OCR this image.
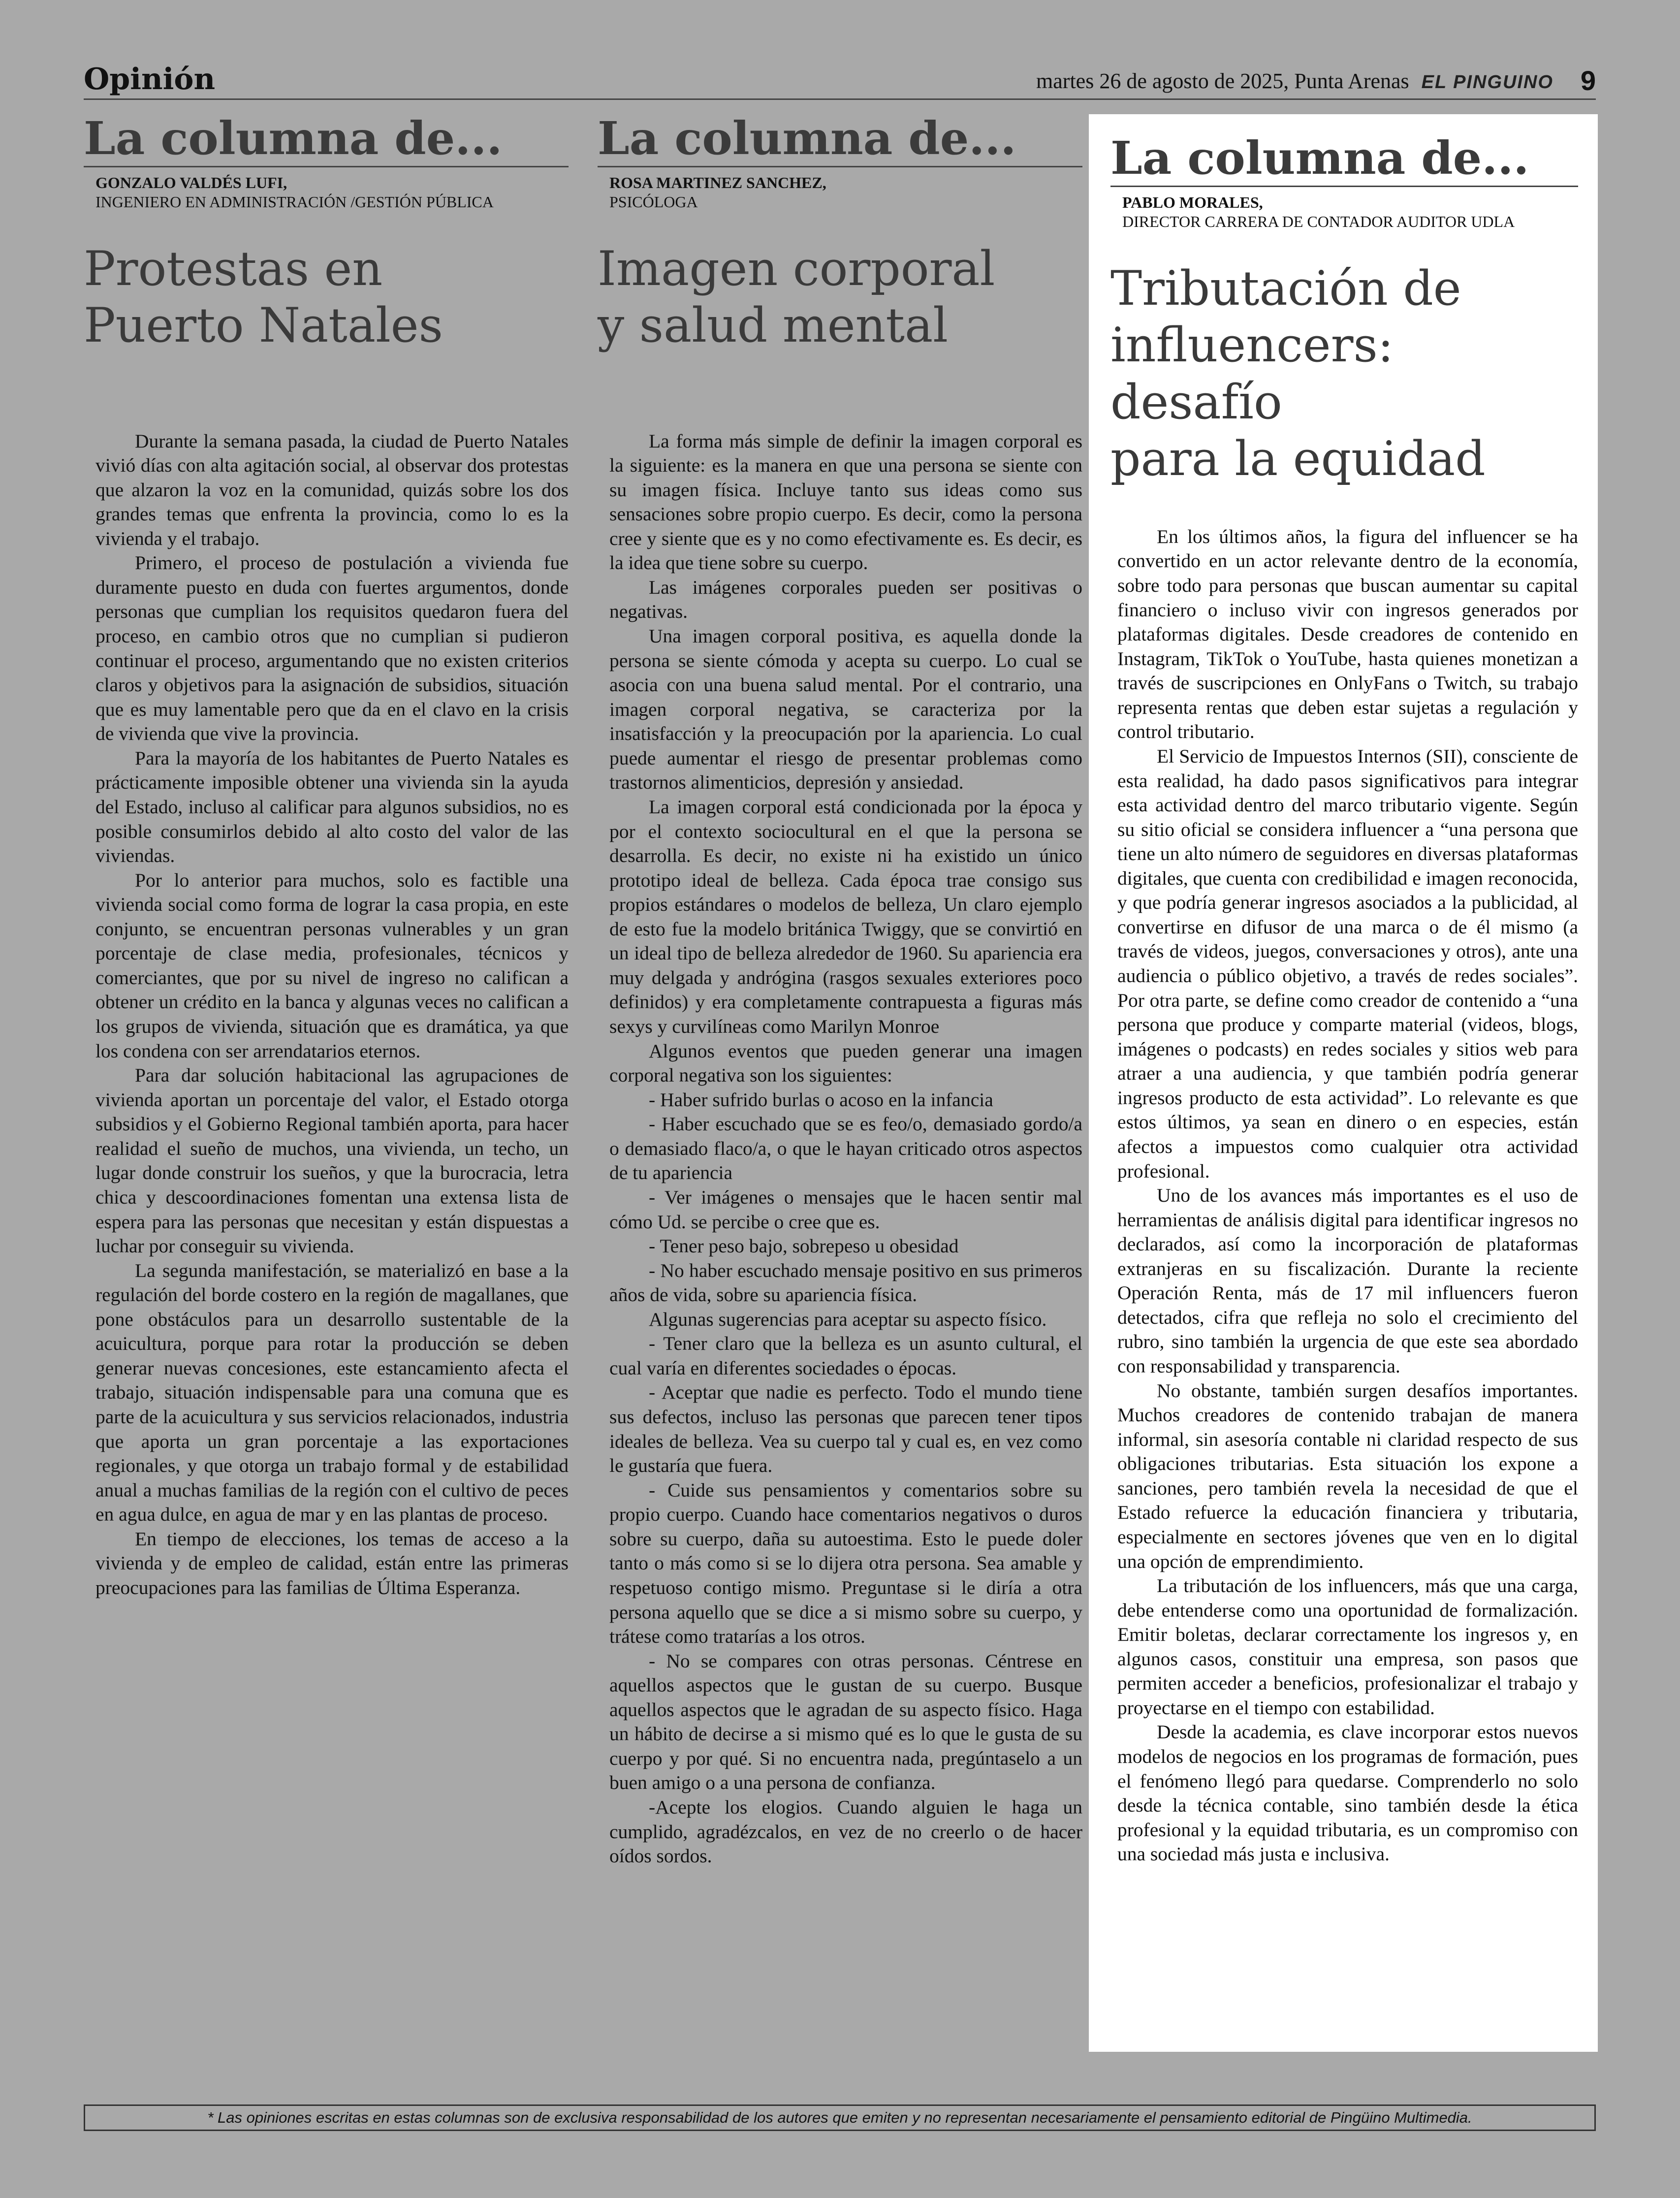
Opinión	martes 26 de agosto de 2025, Punta Arenas EL PINGUINO 9
La columna de...
GONZALO VALDÉS LUFI,
INGENIERO EN ADMINISTRACIÓN /GESTIÓN PÚBLICA
Protestas en
Puerto Natales

Durante la semana pasada, la ciudad de Puerto Natales vivió días con alta agitación social, al observar dos protestas que alzaron la voz en la comunidad, quizás sobre los dos grandes temas que enfrenta la provincia, como lo es la vivienda y el trabajo.

Primero, el proceso de postulación a vivienda fue duramente puesto en duda con fuertes argumentos, donde personas que cumplian los requisitos quedaron fuera del proceso, en cambio otros que no cumplian si pudieron continuar el proceso, argumentando que no existen criterios claros y objetivos para la asignación de subsidios, situación que es muy lamentable pero que da en el clavo en la crisis de vivienda que vive la provincia.

Para la mayoría de los habitantes de Puerto Natales es prácticamente imposible obtener una vivienda sin la ayuda del Estado, incluso al calificar para algunos subsidios, no es posible consumirlos debido al alto costo del valor de las viviendas.

Por lo anterior para muchos, solo es factible una vivienda social como forma de lograr la casa propia, en este conjunto, se encuentran personas vulnerables y un gran porcentaje de clase media, profesionales, técnicos y comerciantes, que por su nivel de ingreso no califican a obtener un crédito en la banca y algunas veces no califican a los grupos de vivienda, situación que es dramática, ya que los condena con ser arrendatarios eternos.

Para dar solución habitacional las agrupaciones de vivienda aportan un porcentaje del valor, el Estado otorga subsidios y el Gobierno Regional también aporta, para hacer realidad el sueño de muchos, una vivienda, un techo, un lugar donde construir los sueños, y que la burocracia, letra chica y descoordinaciones fomentan una extensa lista de espera para las personas que necesitan y están dispuestas a luchar por conseguir su vivienda.

La segunda manifestación, se materializó en base a la regulación del borde costero en la región de magallanes, que pone obstáculos para un desarrollo sustentable de la acuicultura, porque para rotar la producción se deben generar nuevas concesiones, este estancamiento afecta el trabajo, situación indispensable para una comuna que es parte de la acuicultura y sus servicios relacionados, industria que aporta un gran porcentaje a las exportaciones regionales, y que otorga un trabajo formal y de estabilidad anual a muchas familias de la región con el cultivo de peces en agua dulce, en agua de mar y en las plantas de proceso.

En tiempo de elecciones, los temas de acceso a la vivienda y de empleo de calidad, están entre las primeras preocupaciones para las familias de Última Esperanza.

La columna de...
ROSA MARTINEZ SANCHEZ,
PSICÓLOGA
Imagen corporal
y salud mental

La forma más simple de definir la imagen corporal es la siguiente: es la manera en que una persona se siente con su imagen física. Incluye tanto sus ideas como sus sensaciones sobre propio cuerpo. Es decir, como la persona cree y siente que es y no como efectivamente es. Es decir, es la idea que tiene sobre su cuerpo.

Las imágenes corporales pueden ser positivas o negativas.

Una imagen corporal positiva, es aquella donde la persona se siente cómoda y acepta su cuerpo. Lo cual se asocia con una buena salud mental. Por el contrario, una imagen corporal negativa, se caracteriza por la insatisfacción y la preocupación por la apariencia. Lo cual puede aumentar el riesgo de presentar problemas como trastornos alimenticios, depresión y ansiedad.

La imagen corporal está condicionada por la época y por el contexto sociocultural en el que la persona se desarrolla. Es decir, no existe ni ha existido un único prototipo ideal de belleza. Cada época trae consigo sus propios estándares o modelos de belleza, Un claro ejemplo de esto fue la modelo británica Twiggy, que se convirtió en un ideal tipo de belleza alrededor de 1960. Su apariencia era muy delgada y andrógina (rasgos sexuales exteriores poco definidos) y era completamente contrapuesta a figuras más sexys y curvilíneas como Marilyn Monroe

Algunos eventos que pueden generar una imagen corporal negativa son los siguientes:

- Haber sufrido burlas o acoso en la infancia

- Haber escuchado que se es feo/o, demasiado gordo/a o demasiado flaco/a, o que le hayan criticado otros aspectos de tu apariencia

- Ver imágenes o mensajes que le hacen sentir mal cómo Ud. se percibe o cree que es.

- Tener peso bajo, sobrepeso u obesidad

- No haber escuchado mensaje positivo en sus primeros años de vida, sobre su apariencia física.

Algunas sugerencias para aceptar su aspecto físico.

- Tener claro que la belleza es un asunto cultural, el cual varía en diferentes sociedades o épocas.

- Aceptar que nadie es perfecto. Todo el mundo tiene sus defectos, incluso las personas que parecen tener tipos ideales de belleza. Vea su cuerpo tal y cual es, en vez como le gustaría que fuera.

- Cuide sus pensamientos y comentarios sobre su propio cuerpo. Cuando hace comentarios negativos o duros sobre su cuerpo, daña su autoestima. Esto le puede doler tanto o más como si se lo dijera otra persona. Sea amable y respetuoso contigo mismo. Preguntase si le diría a otra persona aquello que se dice a si mismo sobre su cuerpo, y trátese como tratarías a los otros.

- No se compares con otras personas. Céntrese en aquellos aspectos que le gustan de su cuerpo. Busque aquellos aspectos que le agradan de su aspecto físico. Haga un hábito de decirse a si mismo qué es lo que le gusta de su cuerpo y por qué. Si no encuentra nada, pregúntaselo a un buen amigo o a una persona de confianza.

-Acepte los elogios. Cuando alguien le haga un cumplido, agradézcalos, en vez de no creerlo o de hacer oídos sordos.

La columna de...
PABLO MORALES,
DIRECTOR CARRERA DE CONTADOR AUDITOR UDLA
Tributación de
influencers: desafío
para la equidad

En los últimos años, la figura del influencer se ha convertido en un actor relevante dentro de la economía, sobre todo para personas que buscan aumentar su capital financiero o incluso vivir con ingresos generados por plataformas digitales. Desde creadores de contenido en Instagram, TikTok o YouTube, hasta quienes monetizan a través de suscripciones en OnlyFans o Twitch, su trabajo representa rentas que deben estar sujetas a regulación y control tributario.

El Servicio de Impuestos Internos (SII), consciente de esta realidad, ha dado pasos significativos para integrar esta actividad dentro del marco tributario vigente. Según su sitio oficial se considera influencer a “una persona que tiene un alto número de seguidores en diversas plataformas digitales, que cuenta con credibilidad e imagen reconocida, y que podría generar ingresos asociados a la publicidad, al convertirse en difusor de una marca o de él mismo (a través de videos, juegos, conversaciones y otros), ante una audiencia o público objetivo, a través de redes sociales”. Por otra parte, se define como creador de contenido a “una persona que produce y comparte material (videos, blogs, imágenes o podcasts) en redes sociales y sitios web para atraer a una audiencia, y que también podría generar ingresos producto de esta actividad”. Lo relevante es que estos últimos, ya sean en dinero o en especies, están afectos a impuestos como cualquier otra actividad profesional.

Uno de los avances más importantes es el uso de herramientas de análisis digital para identificar ingresos no declarados, así como la incorporación de plataformas extranjeras en su fiscalización. Durante la reciente Operación Renta, más de 17 mil influencers fueron detectados, cifra que refleja no solo el crecimiento del rubro, sino también la urgencia de que este sea abordado con responsabilidad y transparencia.

No obstante, también surgen desafíos importantes. Muchos creadores de contenido trabajan de manera informal, sin asesoría contable ni claridad respecto de sus obligaciones tributarias. Esta situación los expone a sanciones, pero también revela la necesidad de que el Estado refuerce la educación financiera y tributaria, especialmente en sectores jóvenes que ven en lo digital una opción de emprendimiento.

La tributación de los influencers, más que una carga, debe entenderse como una oportunidad de formalización. Emitir boletas, declarar correctamente los ingresos y, en algunos casos, constituir una empresa, son pasos que permiten acceder a beneficios, profesionalizar el trabajo y proyectarse en el tiempo con estabilidad.

Desde la academia, es clave incorporar estos nuevos modelos de negocios en los programas de formación, pues el fenómeno llegó para quedarse. Comprenderlo no solo desde la técnica contable, sino también desde la ética profesional y la equidad tributaria, es un compromiso con una sociedad más justa e inclusiva.

* Las opiniones escritas en estas columnas son de exclusiva responsabilidad de los autores que emiten y no representan necesariamente el pensamiento editorial de Pingüino Multimedia.
